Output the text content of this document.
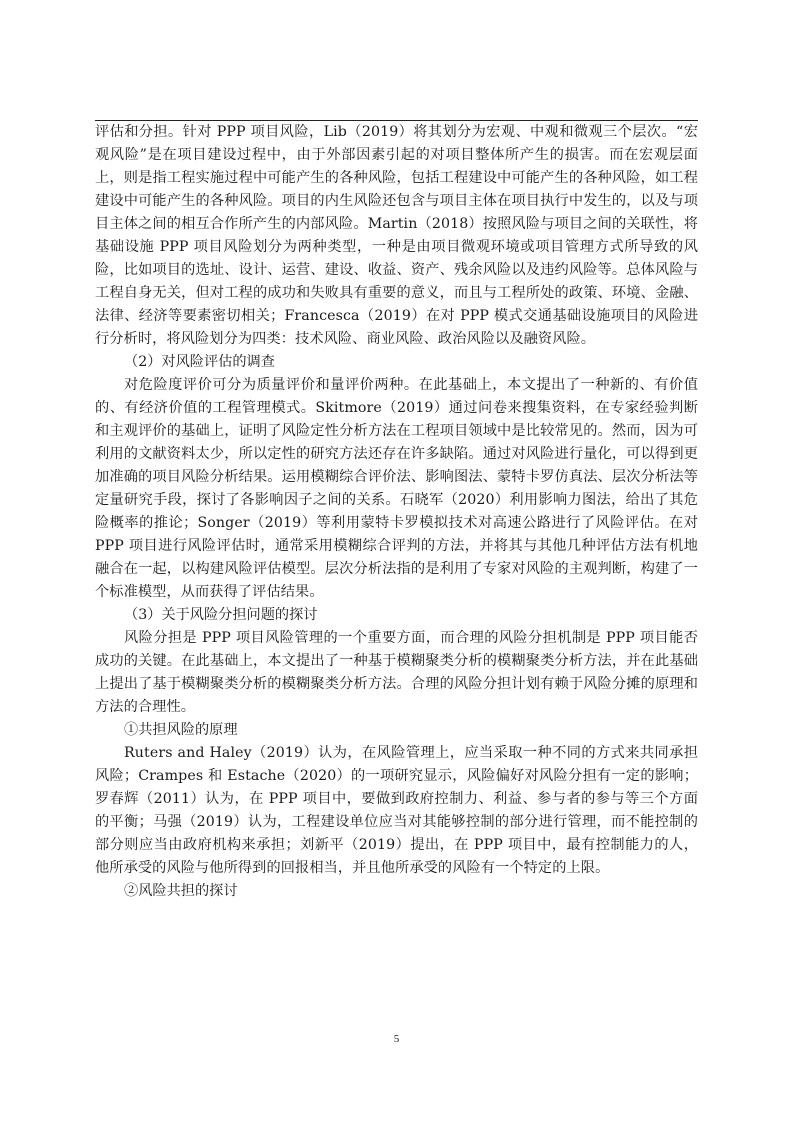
评估和分担。针对 PPP 项目风险，Lib（2019）将其划分为宏观、中观和微观三个层次。“宏观风险”是在项目建设过程中，由于外部因素引起的对项目整体所产生的损害。而在宏观层面上，则是指工程实施过程中可能产生的各种风险，包括工程建设中可能产生的各种风险，如工程建设中可能产生的各种风险。项目的内生风险还包含与项目主体在项目执行中发生的，以及与项目主体之间的相互合作所产生的内部风险。Martin（2018）按照风险与项目之间的关联性，将基础设施 PPP 项目风险划分为两种类型，一种是由项目微观环境或项目管理方式所导致的风险，比如项目的选址、设计、运营、建设、收益、资产、残余风险以及违约风险等。总体风险与工程自身无关，但对工程的成功和失败具有重要的意义，而且与工程所处的政策、环境、金融、法律、经济等要素密切相关；Francesca（2019）在对 PPP 模式交通基础设施项目的风险进行分析时，将风险划分为四类：技术风险、商业风险、政治风险以及融资风险。

（2）对风险评估的调查

对危险度评价可分为质量评价和量评价两种。在此基础上，本文提出了一种新的、有价值的、有经济价值的工程管理模式。Skitmore（2019）通过问卷来搜集资料，在专家经验判断和主观评价的基础上，证明了风险定性分析方法在工程项目领域中是比较常见的。然而，因为可利用的文献资料太少，所以定性的研究方法还存在许多缺陷。通过对风险进行量化，可以得到更加准确的项目风险分析结果。运用模糊综合评价法、影响图法、蒙特卡罗仿真法、层次分析法等定量研究手段，探讨了各影响因子之间的关系。石晓军（2020）利用影响力图法，给出了其危险概率的推论；Songer（2019）等利用蒙特卡罗模拟技术对高速公路进行了风险评估。在对 PPP 项目进行风险评估时，通常采用模糊综合评判的方法，并将其与其他几种评估方法有机地融合在一起，以构建风险评估模型。层次分析法指的是利用了专家对风险的主观判断，构建了一个标准模型，从而获得了评估结果。

（3）关于风险分担问题的探讨

风险分担是 PPP 项目风险管理的一个重要方面，而合理的风险分担机制是 PPP 项目能否成功的关键。在此基础上，本文提出了一种基于模糊聚类分析的模糊聚类分析方法，并在此基础上提出了基于模糊聚类分析的模糊聚类分析方法。合理的风险分担计划有赖于风险分摊的原理和方法的合理性。

①共担风险的原理

Ruters and Haley（2019）认为，在风险管理上，应当采取一种不同的方式来共同承担风险；Crampes 和 Estache（2020）的一项研究显示，风险偏好对风险分担有一定的影响；罗春辉（2011）认为，在 PPP 项目中，要做到政府控制力、利益、参与者的参与等三个方面的平衡；马强（2019）认为，工程建设单位应当对其能够控制的部分进行管理，而不能控制的部分则应当由政府机构来承担；刘新平（2019）提出，在 PPP 项目中，最有控制能力的人，他所承受的风险与他所得到的回报相当，并且他所承受的风险有一个特定的上限。

②风险共担的探讨

5
